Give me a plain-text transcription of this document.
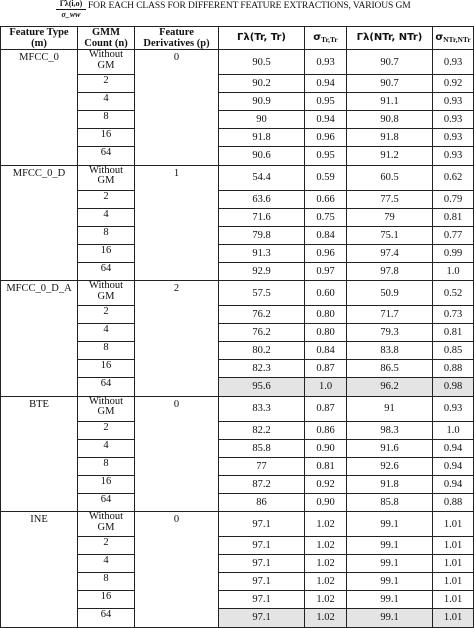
$\frac{\Gammā\lambda(i,o)}{\sigma\_ww}$ FOR EACH CLASS FOR DIFFERENT FEATURE EXTRACTIONS, VARIOUS GM
Feature Type (m)	GMM Count (n)	Feature Derivatives (p)	Γλ(Tr, Tr)	$\sigma_{Tr,Tr}$	Γλ(NTr, NTr)	$\sigma_{NTr,NTr}$
MFCC_0	Without GM	0	90.5	0.93	90.7	0.93
	2		90.2	0.94	90.7	0.92
	4		90.9	0.95	91.1	0.93
	8		90	0.94	90.8	0.93
	16		91.8	0.96	91.8	0.93
	64		90.6	0.95	91.2	0.93
MFCC_0_D	Without GM	1	54.4	0.59	60.5	0.62
	2		63.6	0.66	77.5	0.79
	4		71.6	0.75	79	0.81
	8		79.8	0.84	75.1	0.77
	16		91.3	0.96	97.4	0.99
	64		92.9	0.97	97.8	1.0
MFCC_0_D_A	Without GM	2	57.5	0.60	50.9	0.52
	2		76.2	0.80	71.7	0.73
	4		76.2	0.80	79.3	0.81
	8		80.2	0.84	83.8	0.85
	16		82.3	0.87	86.5	0.88
	64		95.6	1.0	96.2	0.98
BTE	Without GM	0	83.3	0.87	91	0.93
	2		82.2	0.86	98.3	1.0
	4		85.8	0.90	91.6	0.94
	8		77	0.81	92.6	0.94
	16		87.2	0.92	91.8	0.94
	64		86	0.90	85.8	0.88
INE	Without GM	0	97.1	1.02	99.1	1.01
	2		97.1	1.02	99.1	1.01
	4		97.1	1.02	99.1	1.01
	8		97.1	1.02	99.1	1.01
	16		97.1	1.02	99.1	1.01
	64		97.1	1.02	99.1	1.01
